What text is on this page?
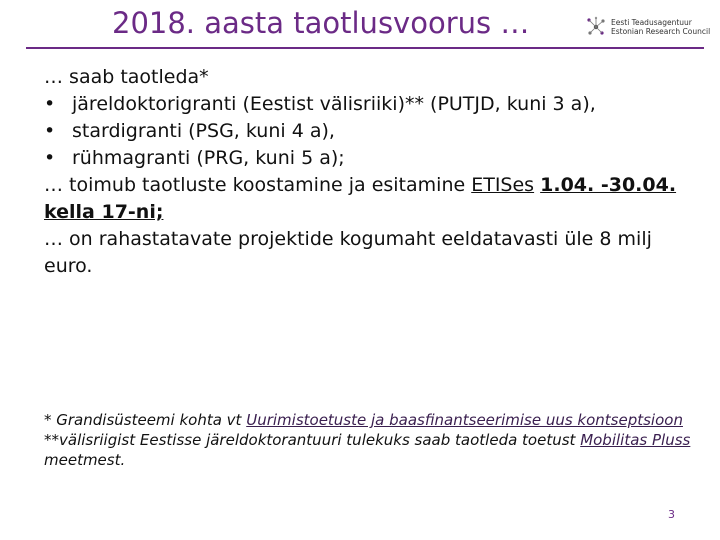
2018. aasta taotlusvoorus …	Eesti Teadusagentuur
Estonian Research Council
… saab taotleda*
• järeldoktorigranti (Eestist välisriiki)** (PUTJD, kuni 3 a),
• stardigranti (PSG, kuni 4 a),
• rühmagranti (PRG, kuni 5 a);
… toimub taotluste koostamine ja esitamine ETISes 1.04. -30.04. kella 17-ni;
… on rahastatavate projektide kogumaht eeldatavasti üle 8 milj euro.
* Grandisüsteemi kohta vt Uurimistoetuste ja baasfinantseerimise uus kontseptsioon
**välisriigist Eestisse järeldoktorantuuri tulekuks saab taotleda toetust Mobilitas Pluss meetmest.
3
